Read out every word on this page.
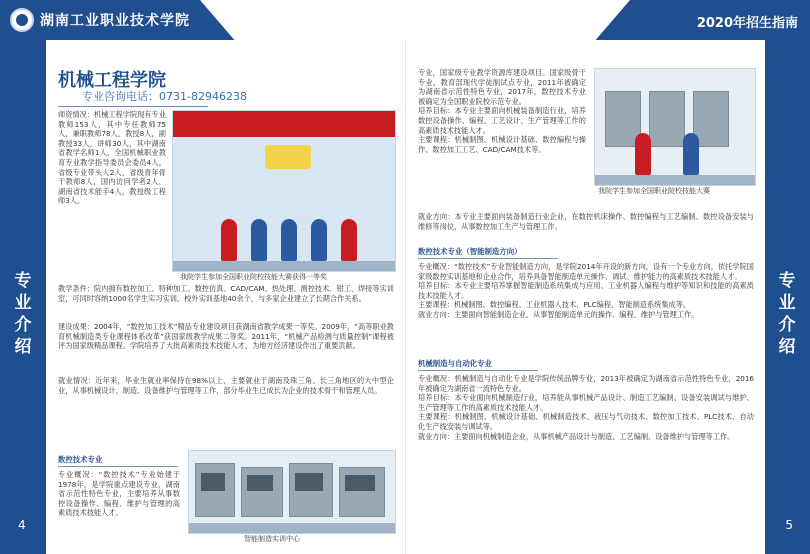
湖南工业职业技术学院	2020年招生指南
专
业
介
绍
专
业
介
绍
机械工程学院
专业咨询电话：0731-82946238
师资情况：机械工程学院现有专业教师153人，其中专任教师75人，兼职教师78人，教授8人，副教授33人，讲师30人，其中湖南省教学名师1人，全国机械职业教育专业教学指导委员会委员4人，省级专业带头人2人，省级青年骨干教师8人，国内访问学者2人，湖南省技术能手4人，教授级工程师3人。
我院学生参加全国职业院校技能大赛获得一等奖
教学条件：院内拥有数控加工、特种加工、数控仿真、CAD/CAM、热处理、测控技术、钳工、焊接等实训室，可同时容纳1000名学生实习实训，校外实训基地40余个，与多家企业建立了长期合作关系。
建设成果：2004年，“数控加工技术”精品专业建设项目获湖南省教学成果一等奖。2009年，“高等职业教育机械制造类专业课程体系改革”获国家级教学成果二等奖。2011年，“机械产品检测与质量控制”课程被评为国家级精品课程。学院培养了大批高素质技术技能人才，为地方经济建设作出了重要贡献。
就业情况：近年来，毕业生就业率保持在98%以上，主要就业于湖南及珠三角、长三角地区的大中型企业，从事机械设计、制造、设备维护与管理等工作，部分毕业生已成长为企业的技术骨干和管理人员。
数控技术专业
专业概况：“数控技术”专业始建于1978年，是学院重点建设专业，湖南省示范性特色专业，主要培养从事数控设备操作、编程、维护与管理的高素质技术技能人才。
智能制造实训中心
4
专业，国家级专业教学资源库建设项目。国家级骨干专业，教育部现代学徒制试点专业，2011年被确定为湖南省示范性特色专业，2017年，数控技术专业被确定为全国职业院校示范专业。
培养目标：本专业主要面向机械装备制造行业，培养数控设备操作、编程、工艺设计、生产管理等工作的高素质技术技能人才。
主要课程：机械制图、机械设计基础、数控编程与操作、数控加工工艺、CAD/CAM技术等。
我院学生参加全国职业院校技能大赛
就业方向：本专业主要面向装备制造行业企业，在数控机床操作、数控编程与工艺编制、数控设备安装与维修等岗位，从事数控加工生产与管理工作。
数控技术专业（智能制造方向）
专业概况：“数控技术”专业智能制造方向，是学院2014年开设的新方向，设有一个专业方向，依托学院国家级数控实训基地和企业合作，培养具备智能制造单元操作、调试、维护能力的高素质技术技能人才。
培养目标：本专业主要培养掌握智能制造系统集成与应用、工业机器人编程与维护等知识和技能的高素质技术技能人才。
主要课程：机械制图、数控编程、工业机器人技术、PLC编程、智能制造系统集成等。
就业方向：主要面向智能制造企业，从事智能制造单元的操作、编程、维护与管理工作。
机械制造与自动化专业
专业概况：机械制造与自动化专业是学院传统品牌专业，2013年被确定为湖南省示范性特色专业，2016年被确定为湖南省一流特色专业。
培养目标：本专业面向机械制造行业，培养能从事机械产品设计、制造工艺编制、设备安装调试与维护、生产管理等工作的高素质技术技能人才。
主要课程：机械制图、机械设计基础、机械制造技术、液压与气动技术、数控加工技术、PLC技术、自动化生产线安装与调试等。
就业方向：主要面向机械制造企业，从事机械产品设计与制造、工艺编制、设备维护与管理等工作。
5
